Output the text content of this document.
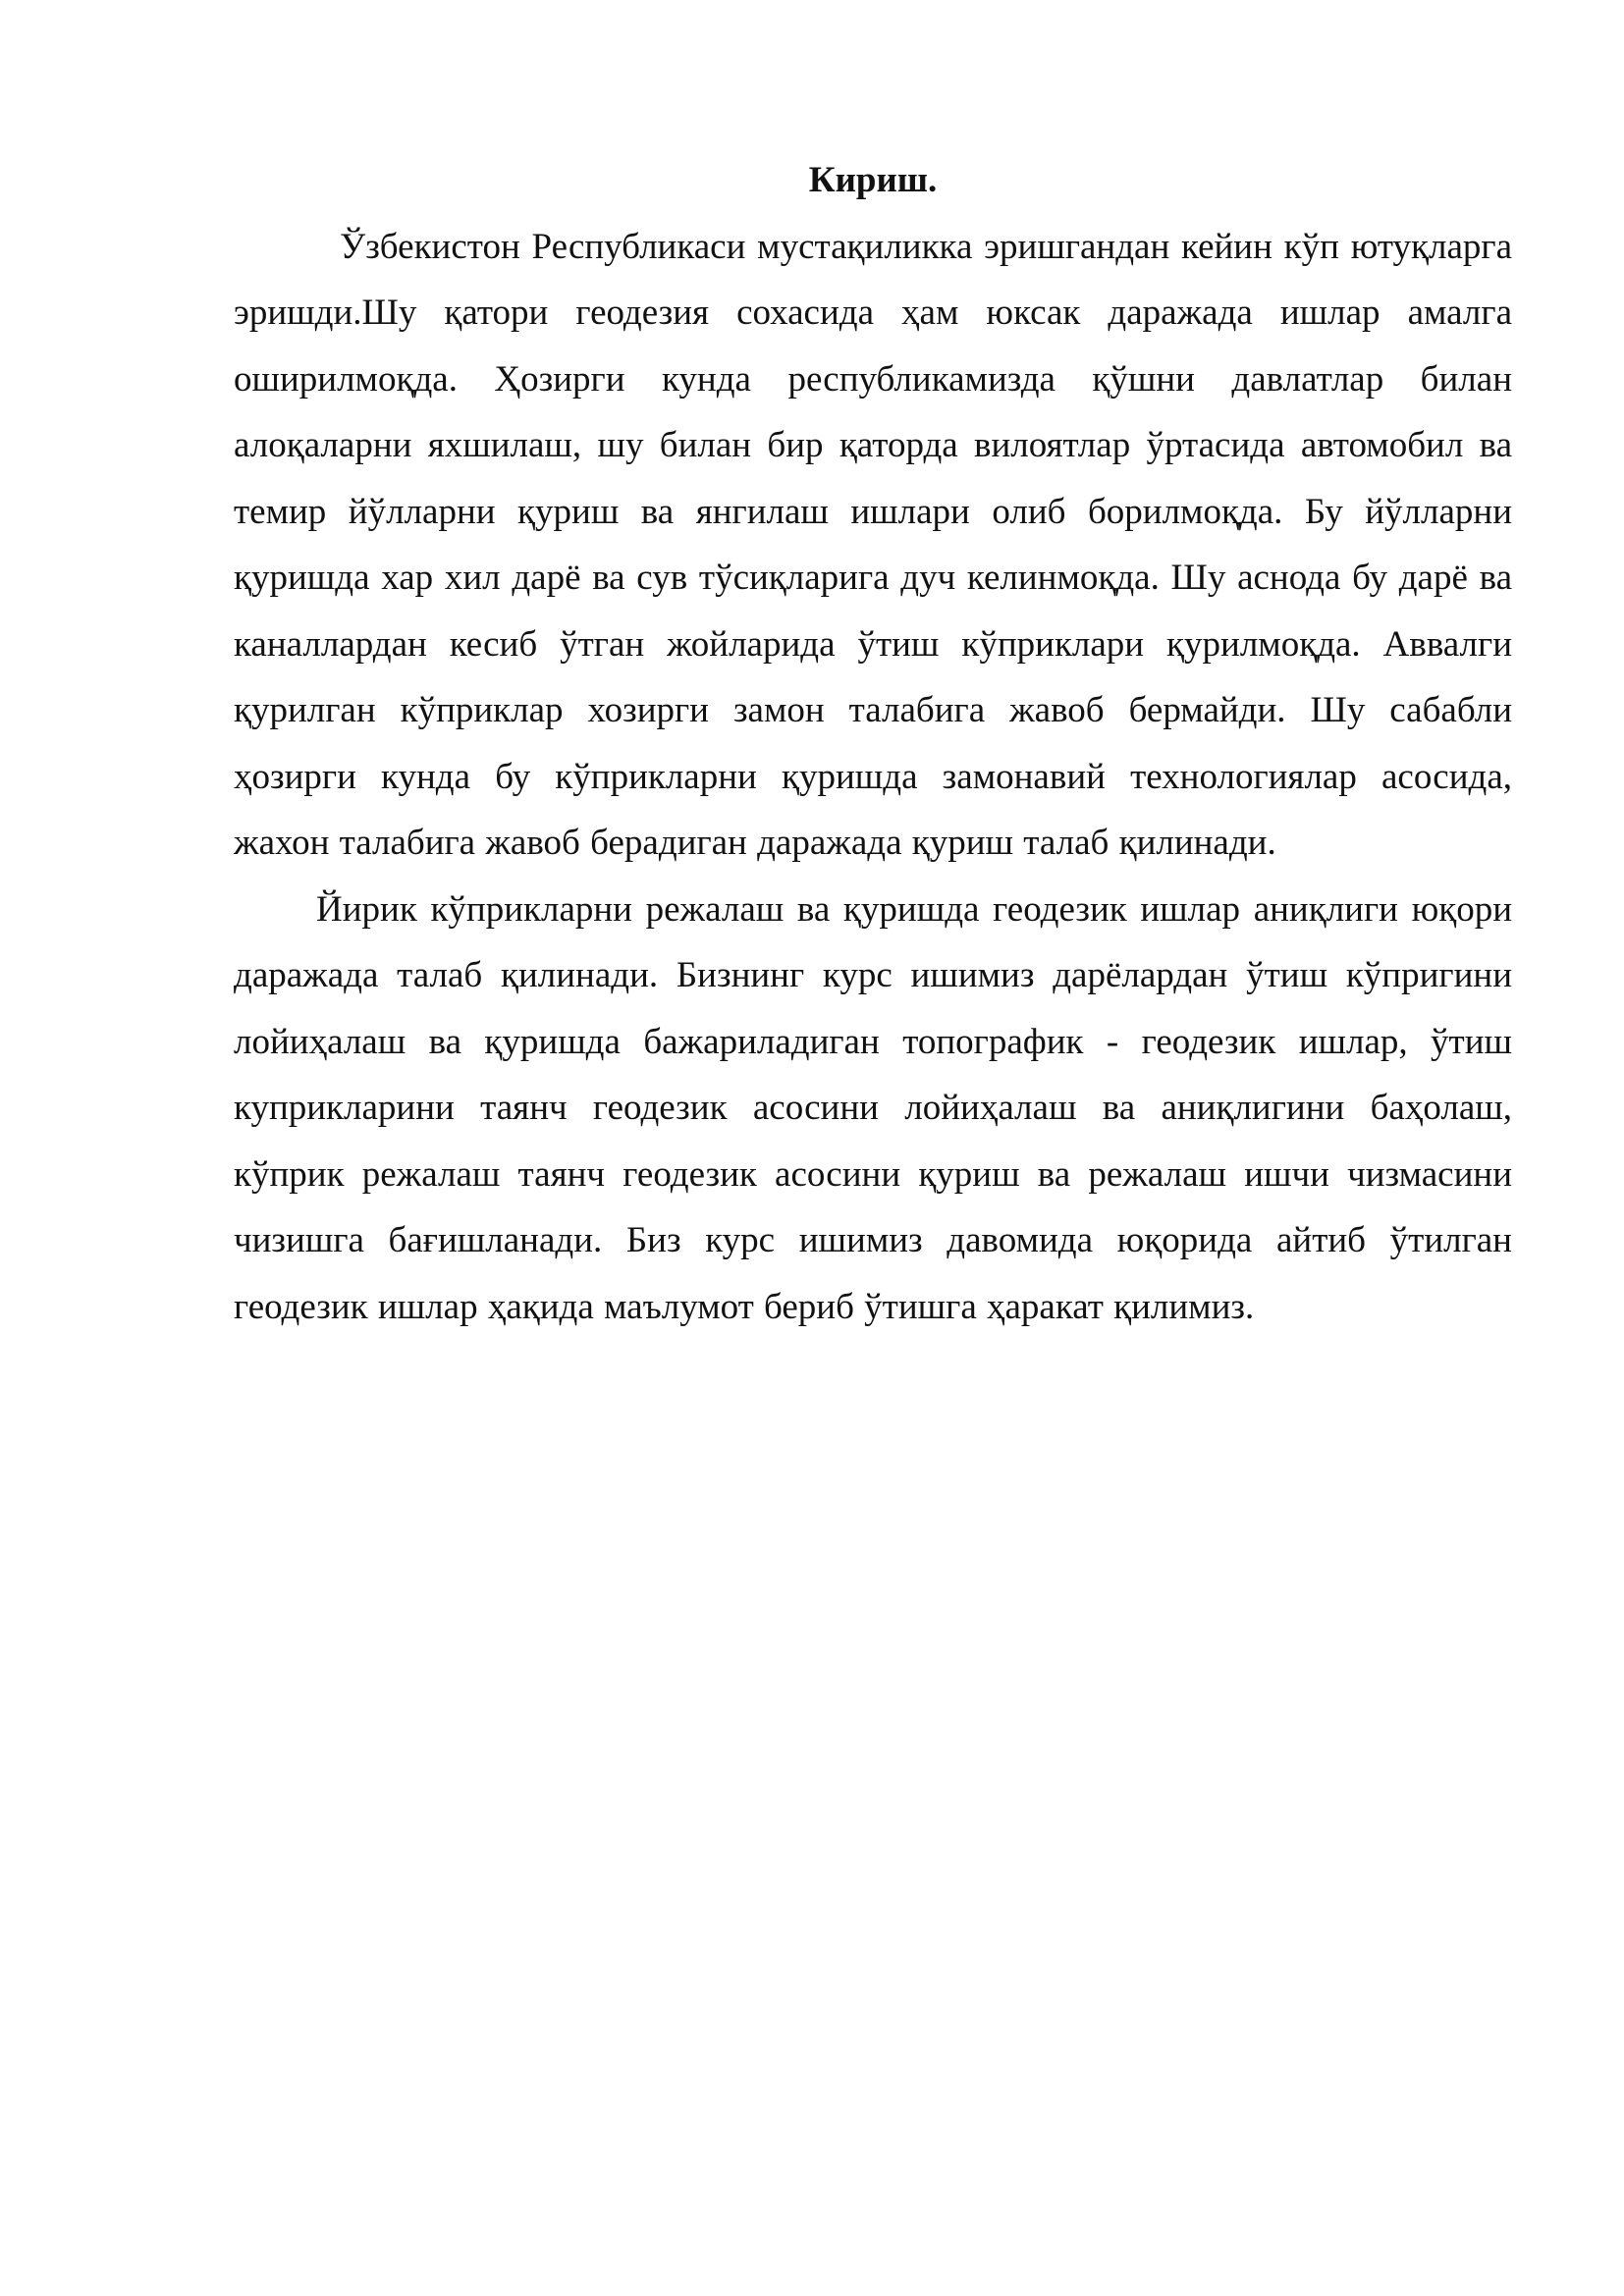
Кириш.

Ўзбекистон Республикаси мустақиликка эришгандан кейин кўп ютуқларга эришди.Шу қатори геодезия сохасида ҳам юксак даражада ишлар амалга оширилмоқда. Ҳозирги кунда республикамизда қўшни давлатлар билан алоқаларни яхшилаш, шу билан бир қаторда вилоятлар ўртасида автомобил ва темир йўлларни қуриш ва янгилаш ишлари олиб борилмоқда. Бу йўлларни қуришда хар хил дарё ва сув тўсиқларига дуч келинмоқда. Шу аснода бу дарё ва каналлардан кесиб ўтган жойларида ўтиш кўприклари қурилмоқда. Аввалги қурилган кўприклар хозирги замон талабига жавоб бермайди. Шу сабабли ҳозирги кунда бу кўприкларни қуришда замонавий технологиялар асосида, жахон талабига жавоб берадиган даражада қуриш талаб қилинади.

Йирик кўприкларни режалаш ва қуришда геодезик ишлар аниқлиги юқори даражада талаб қилинади. Бизнинг курс ишимиз дарёлардан ўтиш кўпригини лойиҳалаш ва қуришда бажариладиган топографик - геодезик ишлар, ўтиш куприкларини таянч геодезик асосини лойиҳалаш ва аниқлигини баҳолаш, кўприк режалаш таянч геодезик асосини қуриш ва режалаш ишчи чизмасини чизишга бағишланади. Биз курс ишимиз давомида юқорида айтиб ўтилган геодезик ишлар ҳақида маълумот бериб ўтишга ҳаракат қилимиз.
